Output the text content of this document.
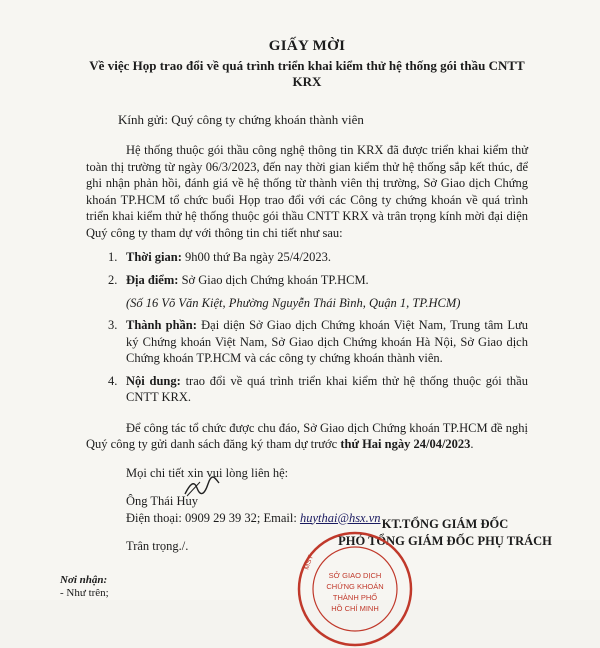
GIẤY MỜI
Về việc Họp trao đổi về quá trình triển khai kiểm thử hệ thống gói thầu CNTT
KRX
Kính gửi: Quý công ty chứng khoán thành viên

Hệ thống thuộc gói thầu công nghệ thông tin KRX đã được triển khai kiểm thử toàn thị trường từ ngày 06/3/2023, đến nay thời gian kiểm thử hệ thống sắp kết thúc, để ghi nhận phản hồi, đánh giá về hệ thống từ thành viên thị trường, Sở Giao dịch Chứng khoán TP.HCM tổ chức buổi Họp trao đổi với các Công ty chứng khoán về quá trình triển khai kiểm thử hệ thống thuộc gói thầu CNTT KRX và trân trọng kính mời đại diện Quý công ty tham dự với thông tin chi tiết như sau:

1. Thời gian: 9h00 thứ Ba ngày 25/4/2023.
2. Địa điểm: Sở Giao dịch Chứng khoán TP.HCM.
(Số 16 Võ Văn Kiệt, Phường Nguyễn Thái Bình, Quận 1, TP.HCM)
3. Thành phần: Đại diện Sở Giao dịch Chứng khoán Việt Nam, Trung tâm Lưu ký Chứng khoán Việt Nam, Sở Giao dịch Chứng khoán Hà Nội, Sở Giao dịch Chứng khoán TP.HCM và các công ty chứng khoán thành viên.
4. Nội dung: trao đổi về quá trình triển khai kiểm thử hệ thống thuộc gói thầu CNTT KRX.

Để công tác tổ chức được chu đáo, Sở Giao dịch Chứng khoán TP.HCM đề nghị Quý công ty gửi danh sách đăng ký tham dự trước thứ Hai ngày 24/04/2023.

Mọi chi tiết xin vui lòng liên hệ:
Ông Thái Huy
Điện thoại: 0909 29 39 32; Email: huythai@hsx.vn
Trân trọng./.
KT.TỔNG GIÁM ĐỐC
PHÓ TỔNG GIÁM ĐỐC PHỤ TRÁCH
MST
SỞ GIAO DỊCH
CHỨNG KHOÁN
THÀNH PHỐ
HỒ CHÍ MINH
Nơi nhận:
- Như trên;
